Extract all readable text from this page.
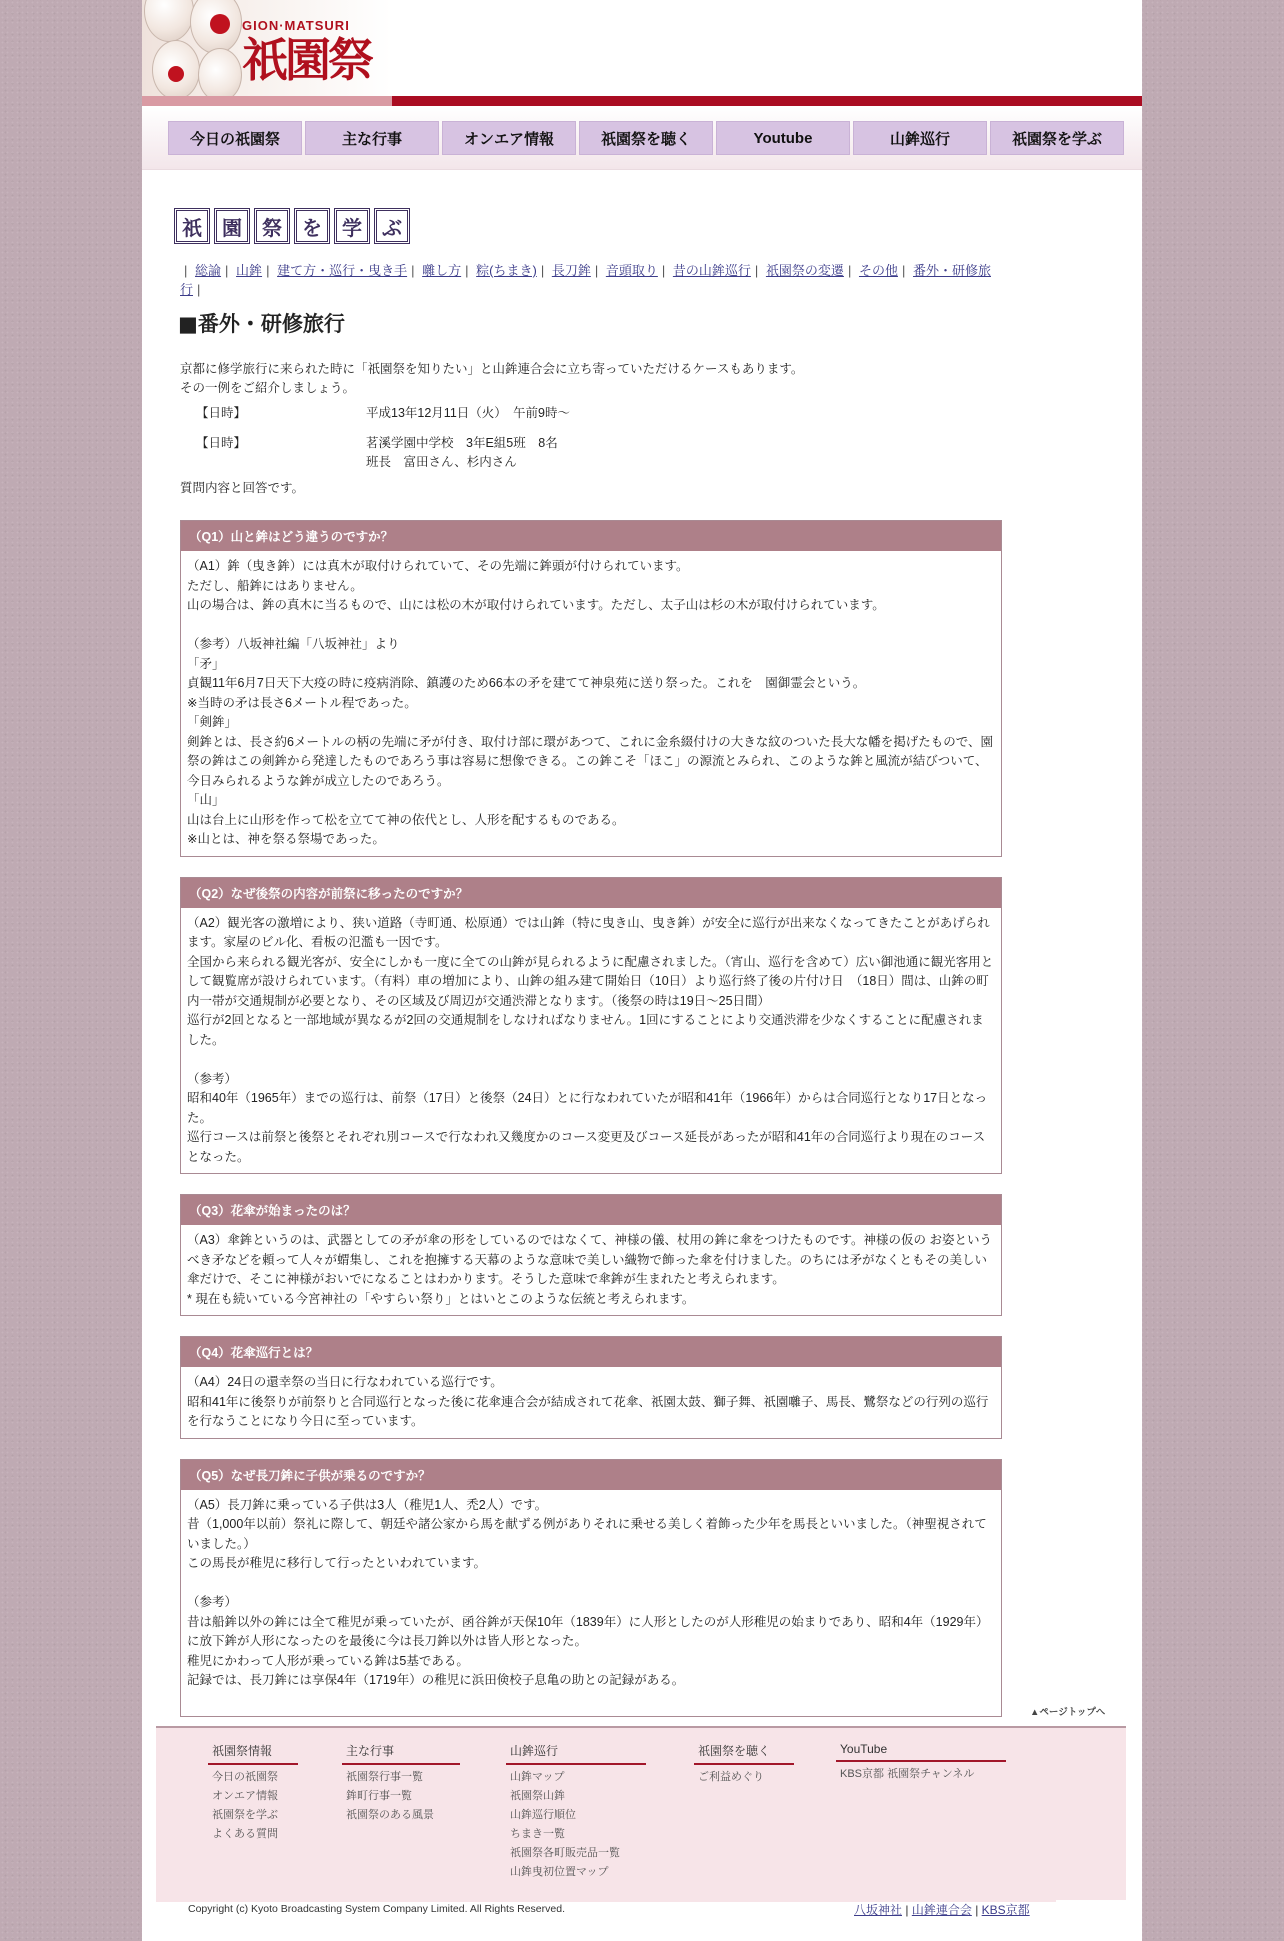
GION·MATSURI
祇園祭
今日の祇園祭	主な行事	オンエア情報	祇園祭を聴く	Youtube	山鉾巡行	祇園祭を学ぶ
祇	園	祭	を	学	ぶ
| 総論 | 山鉾 | 建て方・巡行・曳き手 | 囃し方 | 粽(ちまき) | 長刀鉾 | 音頭取り | 昔の山鉾巡行 | 祇園祭の変遷 | その他 | 番外・研修旅行 |
■番外・研修旅行
京都に修学旅行に来られた時に「祇園祭を知りたい」と山鉾連合会に立ち寄っていただけるケースもあります。
その一例をご紹介しましょう。
【日時】	平成13年12月11日（火）　午前9時〜
【日時】	茗溪学園中学校　3年E組5班　8名
班長　富田さん、杉内さん
質問内容と回答です。
（Q1）山と鉾はどう違うのですか？
（A1）鉾（曳き鉾）には真木が取付けられていて、その先端に鉾頭が付けられています。
ただし、船鉾にはありません。
山の場合は、鉾の真木に当るもので、山には松の木が取付けられています。ただし、太子山は杉の木が取付けられています。

（参考）八坂神社編「八坂神社」より
「矛」
貞観11年6月7日天下大疫の時に疫病消除、鎮護のため66本の矛を建てて神泉苑に送り祭った。これを　園御霊会という。
※当時の矛は長さ6メートル程であった。
「剣鉾」
剣鉾とは、長さ約6メートルの柄の先端に矛が付き、取付け部に環があつて、これに金糸綴付けの大きな紋のついた長大な幡を掲げたもので、園祭の鉾はこの剣鉾から発達したものであろう事は容易に想像できる。この鉾こそ「ほこ」の源流とみられ、このような鉾と風流が結びついて、今日みられるような鉾が成立したのであろう。
「山」
山は台上に山形を作って松を立てて神の依代とし、人形を配するものである。
※山とは、神を祭る祭場であった。
（Q2）なぜ後祭の内容が前祭に移ったのですか？
（A2）観光客の激増により、狭い道路（寺町通、松原通）では山鉾（特に曳き山、曳き鉾）が安全に巡行が出来なくなってきたことがあげられます。家屋のビル化、看板の氾濫も一因です。
全国から来られる観光客が、安全にしかも一度に全ての山鉾が見られるように配慮されました。（宵山、巡行を含めて）広い御池通に観光客用として観覧席が設けられています。（有料）車の増加により、山鉾の組み建て開始日（10日）より巡行終了後の片付け日　（18日）間は、山鉾の町内一帯が交通規制が必要となり、その区域及び周辺が交通渋滞となります。（後祭の時は19日〜25日間）
巡行が2回となると一部地域が異なるが2回の交通規制をしなければなりません。1回にすることにより交通渋滞を少なくすることに配慮されました。

（参考）
昭和40年（1965年）までの巡行は、前祭（17日）と後祭（24日）とに行なわれていたが昭和41年（1966年）からは合同巡行となり17日となった。
巡行コースは前祭と後祭とそれぞれ別コースで行なわれ又幾度かのコース変更及びコース延長があったが昭和41年の合同巡行より現在のコースとなった。
（Q3）花傘が始まったのは？
（A3）傘鉾というのは、武器としての矛が傘の形をしているのではなくて、神様の儀、杖用の鉾に傘をつけたものです。神様の仮の お姿というべき矛などを頼って人々が蝟集し、これを抱擁する天幕のような意味で美しい織物で飾った傘を付けました。のちには矛がなくともその美しい傘だけで、そこに神様がおいでになることはわかります。そうした意味で傘鉾が生まれたと考えられます。
* 現在も続いている今宮神社の「やすらい祭り」とはいとこのような伝統と考えられます。
（Q4）花傘巡行とは？
（A4）24日の還幸祭の当日に行なわれている巡行です。
昭和41年に後祭りが前祭りと合同巡行となった後に花傘連合会が結成されて花傘、祇園太鼓、獅子舞、祇園囃子、馬長、鷺祭などの行列の巡行を行なうことになり今日に至っています。
（Q5）なぜ長刀鉾に子供が乗るのですか？
（A5）長刀鉾に乗っている子供は3人（稚児1人、禿2人）です。
昔（1,000年以前）祭礼に際して、朝廷や諸公家から馬を献ずる例がありそれに乗せる美しく着飾った少年を馬長といいました。（神聖視されていました。）
この馬長が稚児に移行して行ったといわれています。

（参考）
昔は船鉾以外の鉾には全て稚児が乗っていたが、函谷鉾が天保10年（1839年）に人形としたのが人形稚児の始まりであり、昭和4年（1929年）に放下鉾が人形になったのを最後に今は長刀鉾以外は皆人形となった。
稚児にかわって人形が乗っている鉾は5基である。
記録では、長刀鉾には享保4年（1719年）の稚児に浜田倹校子息亀の助との記録がある。

▲ページトップへ
祇園祭情報
今日の祇園祭
オンエア情報
祇園祭を学ぶ
よくある質問
主な行事
祇園祭行事一覧
鉾町行事一覧
祇園祭のある風景
山鉾巡行
山鉾マップ
祇園祭山鉾
山鉾巡行順位
ちまき一覧
祇園祭各町販売品一覧
山鉾曳初位置マップ
祇園祭を聴く
ご利益めぐり
YouTube
KBS京都 祇園祭チャンネル
Copyright (c) Kyoto Broadcasting System Company Limited. All Rights Reserved.	八坂神社 | 山鉾連合会 | KBS京都
